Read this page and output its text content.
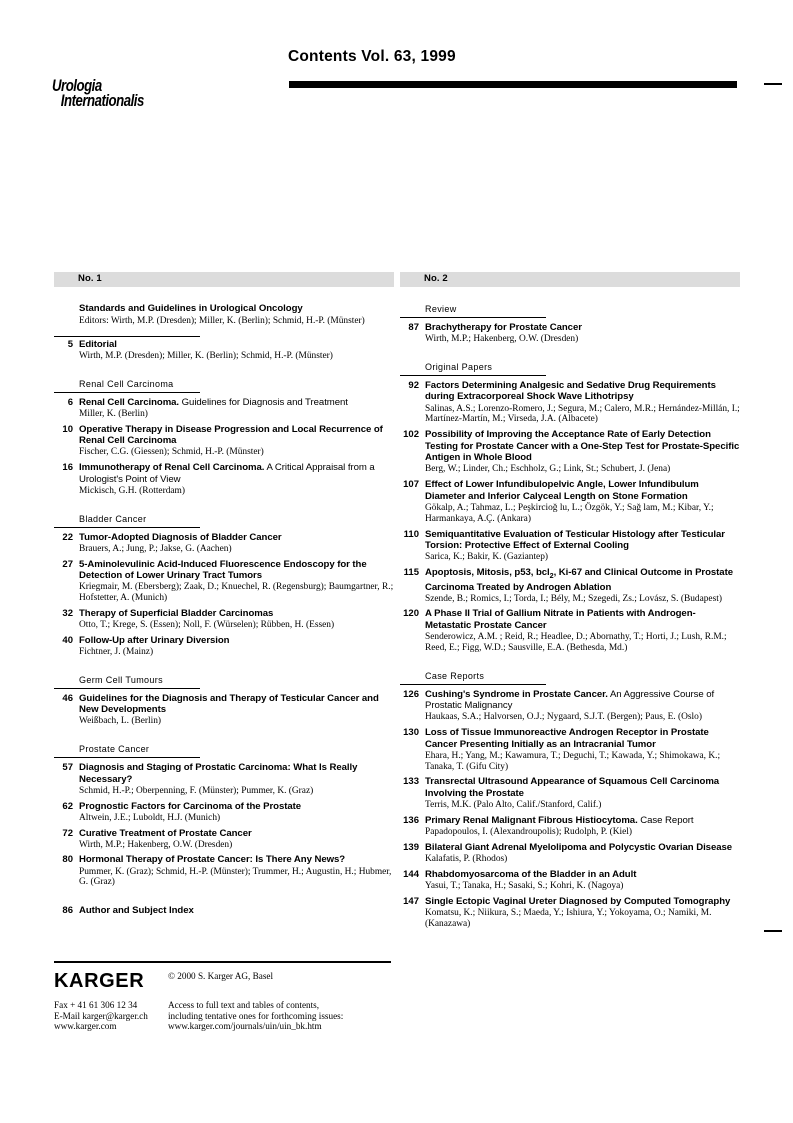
Contents Vol. 63, 1999
Urologia
Internationalis
No. 1
Standards and Guidelines in Urological Oncology
Editors: Wirth, M.P. (Dresden); Miller, K. (Berlin); Schmid, H.-P. (Münster)
5 Editorial
Wirth, M.P. (Dresden); Miller, K. (Berlin); Schmid, H.-P. (Münster)
Renal Cell Carcinoma
6 Renal Cell Carcinoma. Guidelines for Diagnosis and Treatment
Miller, K. (Berlin)
10 Operative Therapy in Disease Progression and Local Recurrence of Renal Cell Carcinoma
Fischer, C.G. (Giessen); Schmid, H.-P. (Münster)
16 Immunotherapy of Renal Cell Carcinoma. A Critical Appraisal from a Urologist's Point of View
Mickisch, G.H. (Rotterdam)
Bladder Cancer
22 Tumor-Adopted Diagnosis of Bladder Cancer
Brauers, A.; Jung, P.; Jakse, G. (Aachen)
27 5-Aminolevulinic Acid-Induced Fluorescence Endoscopy for the Detection of Lower Urinary Tract Tumors
Kriegmair, M. (Ebersberg); Zaak, D.; Knuechel, R. (Regensburg); Baumgartner, R.; Hofstetter, A. (Munich)
32 Therapy of Superficial Bladder Carcinomas
Otto, T.; Krege, S. (Essen); Noll, F. (Würselen); Rübben, H. (Essen)
40 Follow-Up after Urinary Diversion
Fichtner, J. (Mainz)
Germ Cell Tumours
46 Guidelines for the Diagnosis and Therapy of Testicular Cancer and New Developments
Weißbach, L. (Berlin)
Prostate Cancer
57 Diagnosis and Staging of Prostatic Carcinoma: What Is Really Necessary?
Schmid, H.-P.; Oberpenning, F. (Münster); Pummer, K. (Graz)
62 Prognostic Factors for Carcinoma of the Prostate
Altwein, J.E.; Luboldt, H.J. (Munich)
72 Curative Treatment of Prostate Cancer
Wirth, M.P.; Hakenberg, O.W. (Dresden)
80 Hormonal Therapy of Prostate Cancer: Is There Any News?
Pummer, K. (Graz); Schmid, H.-P. (Münster); Trummer, H.; Augustin, H.; Hubmer, G. (Graz)
86 Author and Subject Index
No. 2
Review
87 Brachytherapy for Prostate Cancer
Wirth, M.P.; Hakenberg, O.W. (Dresden)
Original Papers
92 Factors Determining Analgesic and Sedative Drug Requirements during Extracorporeal Shock Wave Lithotripsy
Salinas, A.S.; Lorenzo-Romero, J.; Segura, M.; Calero, M.R.; Hernández-Millán, I.; Martínez-Martín, M.; Virseda, J.A. (Albacete)
102 Possibility of Improving the Acceptance Rate of Early Detection Testing for Prostate Cancer with a One-Step Test for Prostate-Specific Antigen in Whole Blood
Berg, W.; Linder, Ch.; Eschholz, G.; Link, St.; Schubert, J. (Jena)
107 Effect of Lower Infundibulopelvic Angle, Lower Infundibulum Diameter and Inferior Calyceal Length on Stone Formation
Gökalp, A.; Tahmaz, L.; Peşkircioğ lu, L.; Özgök, Y.; Sağ lam, M.; Kibar, Y.; Harmankaya, A.Ç. (Ankara)
110 Semiquantitative Evaluation of Testicular Histology after Testicular Torsion: Protective Effect of External Cooling
Sarica, K.; Bakir, K. (Gaziantep)
115 Apoptosis, Mitosis, p53, bcl$_2$, Ki-67 and Clinical Outcome in Prostate Carcinoma Treated by Androgen Ablation
Szende, B.; Romics, I.; Torda, I.; Bély, M.; Szegedi, Zs.; Lovász, S. (Budapest)
120 A Phase II Trial of Gallium Nitrate in Patients with Androgen-Metastatic Prostate Cancer
Senderowicz, A.M. ; Reid, R.; Headlee, D.; Abornathy, T.; Horti, J.; Lush, R.M.; Reed, E.; Figg, W.D.; Sausville, E.A. (Bethesda, Md.)
Case Reports
126 Cushing's Syndrome in Prostate Cancer. An Aggressive Course of Prostatic Malignancy
Haukaas, S.A.; Halvorsen, O.J.; Nygaard, S.J.T. (Bergen); Paus, E. (Oslo)
130 Loss of Tissue Immunoreactive Androgen Receptor in Prostate Cancer Presenting Initially as an Intracranial Tumor
Ehara, H.; Yang, M.; Kawamura, T.; Deguchi, T.; Kawada, Y.; Shimokawa, K.; Tanaka, T. (Gifu City)
133 Transrectal Ultrasound Appearance of Squamous Cell Carcinoma Involving the Prostate
Terris, M.K. (Palo Alto, Calif./Stanford, Calif.)
136 Primary Renal Malignant Fibrous Histiocytoma. Case Report
Papadopoulos, I. (Alexandroupolis); Rudolph, P. (Kiel)
139 Bilateral Giant Adrenal Myelolipoma and Polycystic Ovarian Disease
Kalafatis, P. (Rhodos)
144 Rhabdomyosarcoma of the Bladder in an Adult
Yasui, T.; Tanaka, H.; Sasaki, S.; Kohri, K. (Nagoya)
147 Single Ectopic Vaginal Ureter Diagnosed by Computed Tomography
Komatsu, K.; Niikura, S.; Maeda, Y.; Ishiura, Y.; Yokoyama, O.; Namiki, M. (Kanazawa)
KARGER
Fax + 41 61 306 12 34
E-Mail karger@karger.ch
www.karger.com
© 2000 S. Karger AG, Basel
Access to full text and tables of contents,
including tentative ones for forthcoming issues:
www.karger.com/journals/uin/uin_bk.htm
